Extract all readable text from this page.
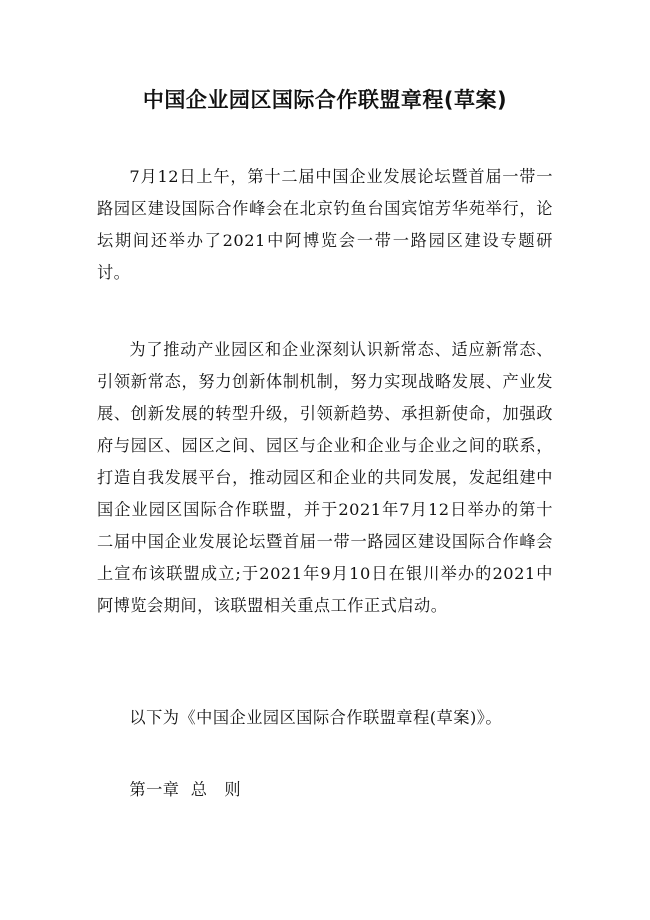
中国企业园区国际合作联盟章程(草案)

7月12日上午，第十二届中国企业发展论坛暨首届一带一路园区建设国际合作峰会在北京钓鱼台国宾馆芳华苑举行，论坛期间还举办了2021中阿博览会一带一路园区建设专题研讨。

为了推动产业园区和企业深刻认识新常态、适应新常态、引领新常态，努力创新体制机制，努力实现战略发展、产业发展、创新发展的转型升级，引领新趋势、承担新使命，加强政府与园区、园区之间、园区与企业和企业与企业之间的联系，打造自我发展平台，推动园区和企业的共同发展，发起组建中国企业园区国际合作联盟，并于2021年7月12日举办的第十二届中国企业发展论坛暨首届一带一路园区建设国际合作峰会上宣布该联盟成立;于2021年9月10日在银川举办的2021中阿博览会期间，该联盟相关重点工作正式启动。

以下为《中国企业园区国际合作联盟章程(草案)》。

第一章  总   则
